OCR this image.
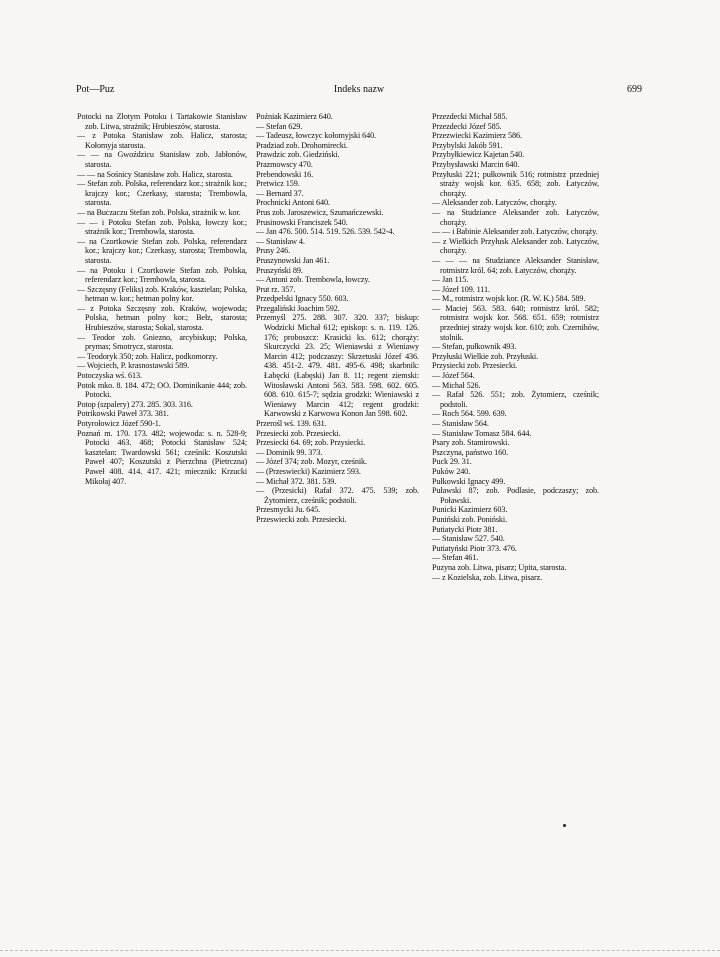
Pot—Puz	Indeks nazw	699
Potocki na Złotym Potoku i Tartakowie Stanisław zob. Litwa, strażnik; Hrubieszów, starosta.
— z Potoka Stanisław zob. Halicz, starosta; Kołomyja starosta.
— — na Gwoździcu Stanisław zob. Jabłonów, starosta.
— — na Sośnicy Stanisław zob. Halicz, starosta.
— Stefan zob. Polska, referendarz kor.; strażnik kor.; krajczy kor.; Czerkasy, starosta; Trembowla, starosta.
— na Buczaczu Stefan zob. Polska, strażnik w. kor.
— — i Potoku Stefan zob. Polska, łowczy kor.; strażnik kor.; Trembowla, starosta.
— na Czortkowie Stefan zob. Polska, referendarz kor.; krajczy kor.; Czerkasy, starosta; Trembowla, starosta.
— na Potoku i Czortkowie Stefan zob. Polska, referendarz kor.; Trembowla, starosta.
— Szczęsny (Feliks) zob. Kraków, kasztelan; Polska, hetman w. kor.; hetman polny kor.
— z Potoka Szczęsny zob. Kraków, wojewoda; Polska, hetman polny kor.; Bełz, starosta; Hrubieszów, starosta; Sokal, starosta.
— Teodor zob. Gniezno, arcybiskup; Polska, prymas; Smotrycz, starosta.
— Teodoryk 350; zob. Halicz, podkomorzy.
— Wojciech, P. krasnostawski 589.
Potoczyska wś. 613.
Potok mko. 8. 184. 472; OO. Dominikanie 444; zob. Potocki.
Potop (szpalery) 273. 285. 303. 316.
Potrikowski Paweł 373. 381.
Potyrołowicz Józef 590-1.
Poznań m. 170. 173. 482; wojewoda: s. n. 528-9; Potocki 463. 468; Potocki Stanisław 524; kasztelan: Twardowski 561; cześnik: Koszutski Paweł 407; Koszutski z Pierzchna (Pietrczna) Paweł 408. 414. 417. 421; miecznik: Krzucki Mikołaj 407.
Poźniak Kazimierz 640.
— Stefan 629.
— Tadeusz, łowczyc kołomyjski 640.
Pradziad zob. Drohomirecki.
Prawdzic zob. Giedziński.
Prazmowscy 470.
Prebendowski 16.
Pretwicz 159.
— Bernard 37.
Prochnicki Antoni 640.
Prus zob. Jaroszewicz, Szumańczewski.
Prusinowski Franciszek 540.
— Jan 476. 500. 514. 519. 526. 539. 542-4.
— Stanisław 4.
Prusy 246.
Pruszynowski Jan 461.
Pruszyński 89.
— Antoni zob. Trembowla, łowczy.
Prut rz. 357.
Przedpelski Ignacy 550. 603.
Przegaliński Joachim 592.
Przemyśl 275. 288. 307. 320. 337; biskup: Wodzicki Michał 612; episkop: s. n. 119. 126. 176; proboszcz: Krasicki ks. 612; chorąży: Skurczycki 23. 25; Wieniawski z Wieniawy Marcin 412; podczaszy: Skrzetuski Józef 436. 438. 451-2. 479. 481. 495-6. 498; skarbnik: Łabęcki (Łabęski) Jan 8. 11; regent ziemski: Witosławski Antoni 563. 583. 598. 602. 605. 608. 610. 615-7; sędzia grodzki: Wieniawski z Wieniawy Marcin 412; regent grodzki: Karwowski z Karwowa Konon Jan 598. 602.
Przerośl wś. 139. 631.
Przesiecki zob. Przesiecki.
Przesiecki 64. 69; zob. Przysiecki.
— Dominik 99. 373.
— Józef 374; zob. Mozyr, cześnik.
— (Przeswiecki) Kazimierz 593.
— Michał 372. 381. 539.
— (Przesicki) Rafał 372. 475. 539; zob. Żytomierz, cześnik; podstoli.
Przesmycki Ju. 645.
Przeswiecki zob. Przesiecki.
Przezdecki Michał 585.
Przezdecki Józef 585.
Przezwiecki Kazimierz 586.
Przybylski Jakób 591.
Przybyłkiewicz Kajetan 540.
Przybysławski Marcin 640.
Przyłuski 221; pułkownik 516; rotmistrz przedniej straży wojsk kor. 635. 658; zob. Łatyczów, chorąży.
— Aleksander zob. Łatyczów, chorąży.
— na Studziance Aleksander zob. Łatyczów, chorąży.
— — i Babinie Aleksander zob. Łatyczów, chorąży.
— z Wielkich Przyłusk Aleksander zob. Łatyczów, chorąży.
— — — na Studziance Aleksander Stanisław, rotmistrz król. 64; zob. Łatyczów, chorąży.
— Jan 115.
— Józef 109. 111.
— M., rotmistrz wojsk kor. (R. W. K.) 584. 589.
— Maciej 563. 583. 640; rotmistrz król. 582; rotmistrz wojsk kor. 568. 651. 659; rotmistrz przedniej straży wojsk kor. 610; zob. Czernihów, stolnik.
— Stefan, pułkownik 493.
Przyłuski Wielkie zob. Przyłuski.
Przysiecki zob. Przesiecki.
— Józef 564.
— Michał 526.
— Rafał 526. 551; zob. Żytomierz, cześnik; podstoli.
— Roch 564. 599. 639.
— Stanisław 564.
— Stanisław Tomasz 584. 644.
Psary zob. Stamirowski.
Pszczyna, państwo 160.
Puck 29. 31.
Puków 240.
Pułkowski Ignacy 499.
Puławski 87; zob. Podlasie, podczaszy; zob. Poławski.
Punicki Kazimierz 603.
Puniński zob. Poniński.
Putiatycki Piotr 381.
— Stanisław 527. 540.
Putiatyński Piotr 373. 476.
— Stefan 461.
Puzyna zob. Litwa, pisarz; Upita, starosta.
— z Kozielska, zob. Litwa, pisarz.
